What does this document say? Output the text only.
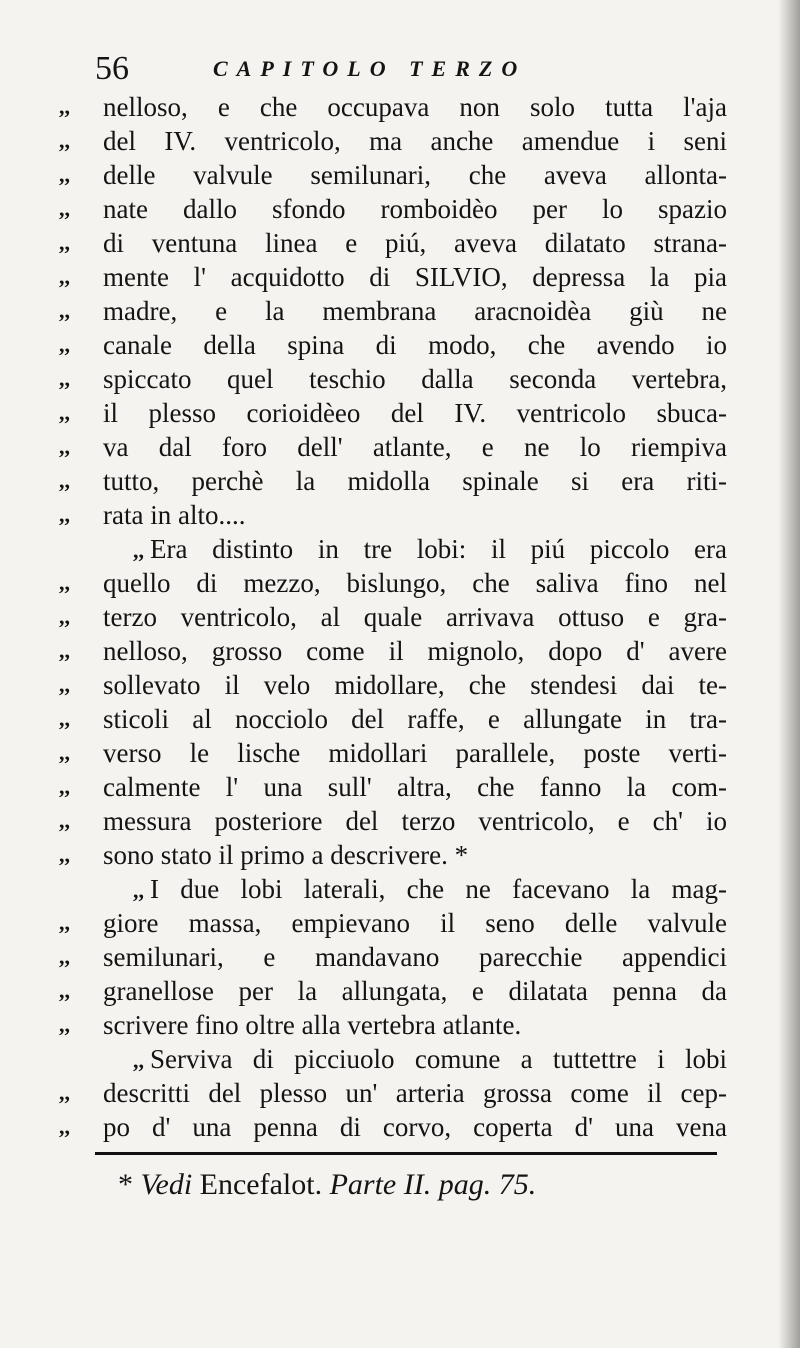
56	CAPITOLO TERZO
,,	nelloso, e che occupava non solo tutta l'aja
,,	del IV. ventricolo, ma anche amendue i seni
,,	delle valvule semilunari, che aveva allonta-
,,	nate dallo sfondo romboidèo per lo spazio
,,	di ventuna linea e piú, aveva dilatato strana-
,,	mente l' acquidotto di SILVIO, depressa la pia
,,	madre, e la membrana aracnoidèa giù ne
,,	canale della spina di modo, che avendo io
,,	spiccato quel teschio dalla seconda vertebra,
,,	il plesso corioidèeo del IV. ventricolo sbuca-
,,	va dal foro dell' atlante, e ne lo riempiva
,,	tutto, perchè la midolla spinale si era riti-
,,	rata in alto....
,, Era distinto in tre lobi: il piú piccolo era
,,	quello di mezzo, bislungo, che saliva fino nel
,,	terzo ventricolo, al quale arrivava ottuso e gra-
,,	nelloso, grosso come il mignolo, dopo d' avere
,,	sollevato il velo midollare, che stendesi dai te-
,,	sticoli al nocciolo del raffe, e allungate in tra-
,,	verso le lische midollari parallele, poste verti-
,,	calmente l' una sull' altra, che fanno la com-
,,	messura posteriore del terzo ventricolo, e ch' io
,,	sono stato il primo a descrivere. *
,, I due lobi laterali, che ne facevano la mag-
,,	giore massa, empievano il seno delle valvule
,,	semilunari, e mandavano parecchie appendici
,,	granellose per la allungata, e dilatata penna da
,,	scrivere fino oltre alla vertebra atlante.
,, Serviva di picciuolo comune a tuttettre i lobi
,,	descritti del plesso un' arteria grossa come il cep-
,,	po d' una penna di corvo, coperta d' una vena
* Vedi Encefalot. Parte II. pag. 75.
